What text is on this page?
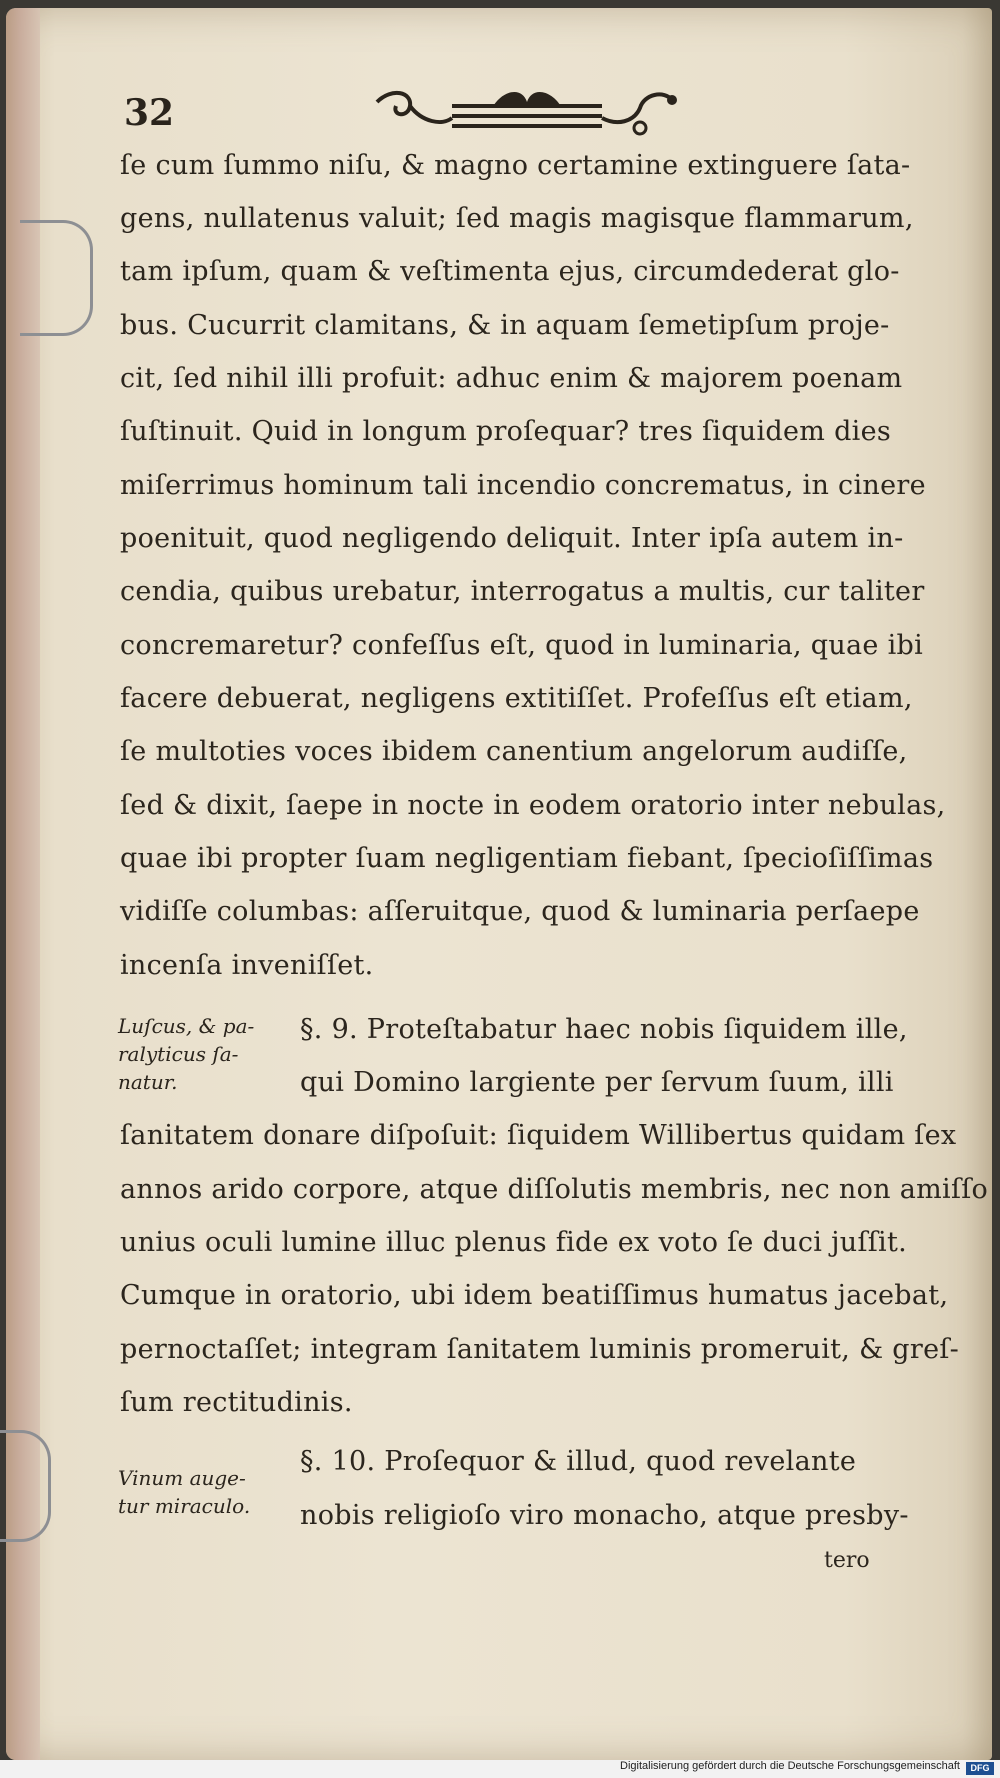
32
ſe cum ſummo niſu, & magno certamine extinguere ſata-
gens, nullatenus valuit; ſed magis magisque flammarum,
tam ipſum, quam & veſtimenta ejus, circumdederat glo-
bus. Cucurrit clamitans, & in aquam ſemetipſum proje-
cit, ſed nihil illi profuit: adhuc enim & majorem poenam
ſuſtinuit. Quid in longum proſequar? tres ſiquidem dies
miſerrimus hominum tali incendio concrematus, in cinere
poenituit, quod negligendo deliquit. Inter ipſa autem in-
cendia, quibus urebatur, interrogatus a multis, cur taliter
concremaretur? confeſſus eſt, quod in luminaria, quae ibi
facere debuerat, negligens extitiſſet. Profeſſus eſt etiam,
ſe multoties voces ibidem canentium angelorum audiſſe,
ſed & dixit, ſaepe in nocte in eodem oratorio inter nebulas,
quae ibi propter ſuam negligentiam fiebant, ſpecioſiſſimas
vidiſſe columbas: aſſeruitque, quod & luminaria perſaepe
incenſa inveniſſet.
Luſcus, & pa-
ralyticus ſa-
natur.
§. 9. Proteſtabatur haec nobis ſiquidem ille,
qui Domino largiente per ſervum ſuum, illi
ſanitatem donare diſpoſuit: ſiquidem Willibertus quidam ſex
annos arido corpore, atque diſſolutis membris, nec non amiſſo
unius oculi lumine illuc plenus fide ex voto ſe duci juſſit.
Cumque in oratorio, ubi idem beatiſſimus humatus jacebat,
pernoctaſſet; integram ſanitatem luminis promeruit, & greſ-
ſum rectitudinis.
Vinum auge-
tur miraculo.
§. 10. Proſequor & illud, quod revelante
nobis religioſo viro monacho, atque presby-
tero
Digitalisierung gefördert durch die Deutsche Forschungsgemeinschaft	DFG
